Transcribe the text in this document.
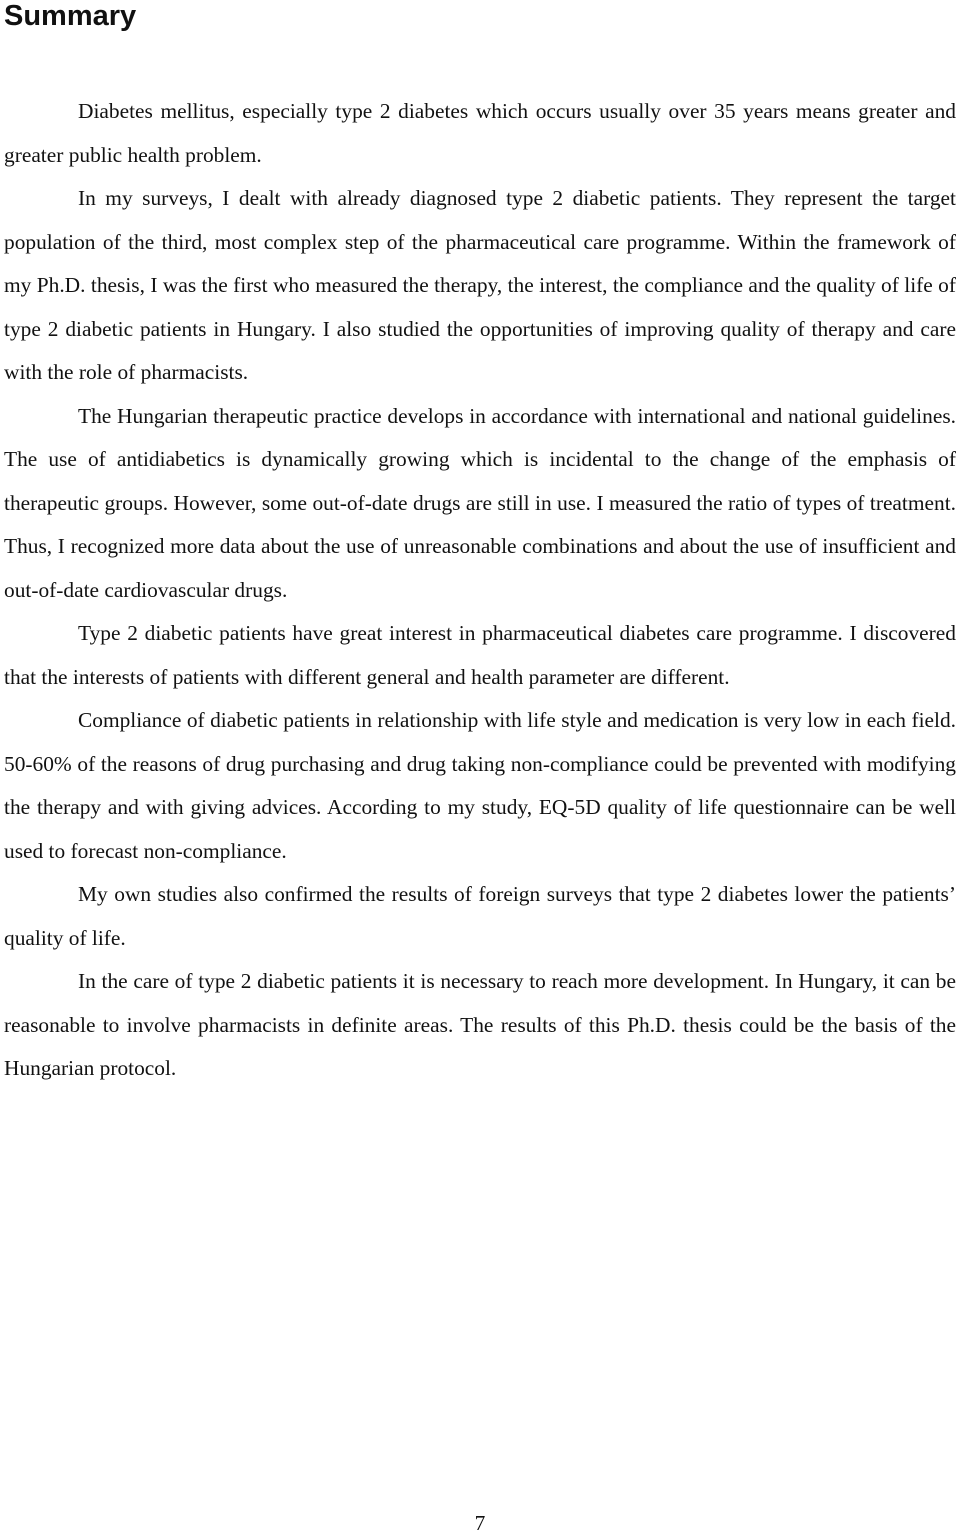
Summary

Diabetes mellitus, especially type 2 diabetes which occurs usually over 35 years means greater and greater public health problem.

In my surveys, I dealt with already diagnosed type 2 diabetic patients. They represent the target population of the third, most complex step of the pharmaceutical care programme. Within the framework of my Ph.D. thesis, I was the first who measured the therapy, the interest, the compliance and the quality of life of type 2 diabetic patients in Hungary. I also studied the opportunities of improving quality of therapy and care with the role of pharmacists.

The Hungarian therapeutic practice develops in accordance with international and national guidelines. The use of antidiabetics is dynamically growing which is incidental to the change of the emphasis of therapeutic groups. However, some out-of-date drugs are still in use. I measured the ratio of types of treatment. Thus, I recognized more data about the use of unreasonable combinations and about the use of insufficient and out-of-date cardiovascular drugs.

Type 2 diabetic patients have great interest in pharmaceutical diabetes care programme. I discovered that the interests of patients with different general and health parameter are different.

Compliance of diabetic patients in relationship with life style and medication is very low in each field. 50-60% of the reasons of drug purchasing and drug taking non-compliance could be prevented with modifying the therapy and with giving advices. According to my study, EQ-5D quality of life questionnaire can be well used to forecast non-compliance.

My own studies also confirmed the results of foreign surveys that type 2 diabetes lower the patients’ quality of life.

In the care of type 2 diabetic patients it is necessary to reach more development. In Hungary, it can be reasonable to involve pharmacists in definite areas. The results of this Ph.D. thesis could be the basis of the Hungarian protocol.

7
